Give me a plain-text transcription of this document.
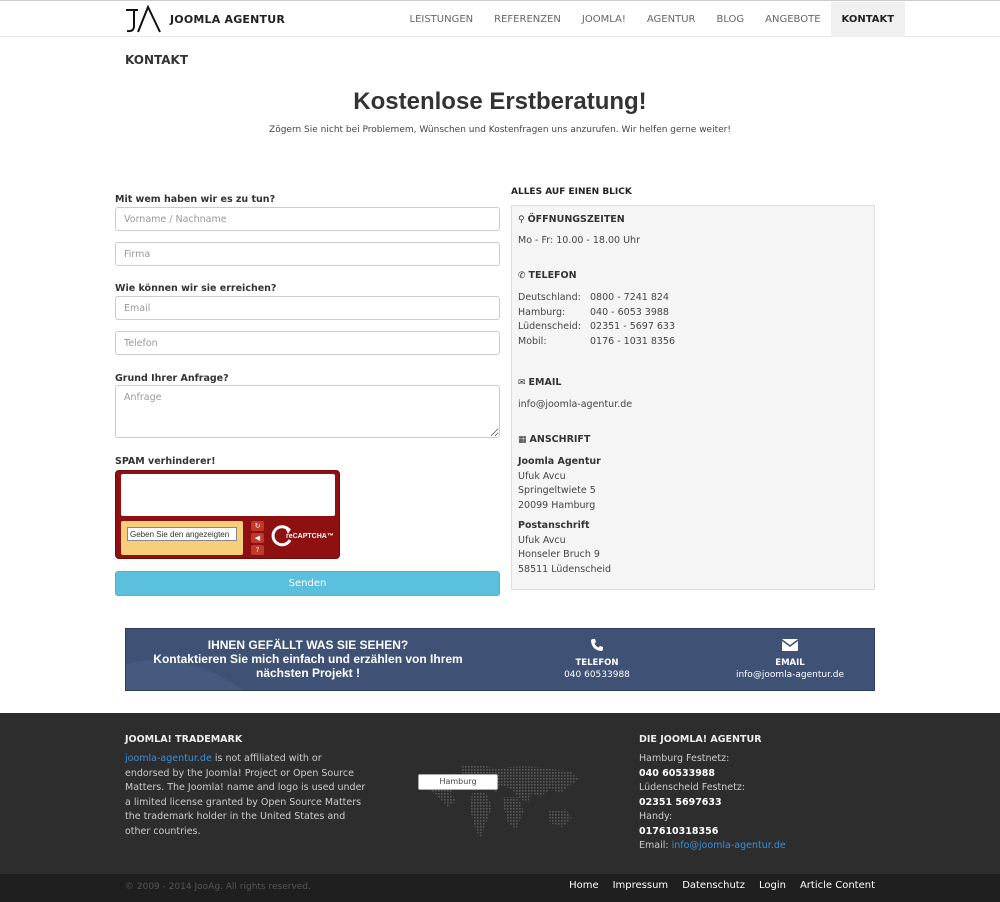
JOOMLA AGENTUR	LEISTUNGEN	REFERENZEN	JOOMLA!	AGENTUR	BLOG	ANGEBOTE	KONTAKT
KONTAKT
Kostenlose Erstberatung!
Zögern Sie nicht bei Problemem, Wünschen und Kostenfragen uns anzurufen. Wir helfen gerne weiter!
Mit wem haben wir es zu tun?
Vorname / Nachname
Firma
Wie können wir sie erreichen?
Email
Telefon
Grund Ihrer Anfrage?
Anfrage
SPAM verhinderer!
Geben Sie den angezeigten
↻
◀
?
reCAPTCHA™
Senden
ALLES AUF EINEN BLICK
⚲ ÖFFNUNGSZEITEN
Mo - Fr: 10.00 - 18.00 Uhr
✆ TELEFON
Deutschland: 0800 - 7241 824
Hamburg:	040 - 6053 3988
Lüdenscheid: 02351 - 5697 633
Mobil:	0176 - 1031 8356
✉ EMAIL
info@joomla-agentur.de
▦ ANSCHRIFT
Joomla Agentur
Ufuk Avcu
Springeltwiete 5
20099 Hamburg
Postanschrift
Ufuk Avcu
Honseler Bruch 9
58511 Lüdenscheid
IHNEN GEFÄLLT WAS SIE SEHEN?
Kontaktieren Sie mich einfach und erzählen von Ihrem
nächsten Projekt !
TELEFON
040 60533988
EMAIL
info@joomla-agentur.de
JOOMLA! TRADEMARK
joomla-agentur.de is not affiliated with or
endorsed by the Joomla! Project or Open Source
Matters. The Joomla! name and logo is used under
a limited license granted by Open Source Matters
the trademark holder in the United States and
other countries.
Hamburg
DIE JOOMLA! AGENTUR
Hamburg Festnetz:
040 60533988
Lüdenscheid Festnetz:
02351 5697633
Handy:
017610318356
Email: info@joomla-agentur.de
© 2009 - 2014 JooAg. All rights reserved.	Home Impressum Datenschutz Login Article Content
